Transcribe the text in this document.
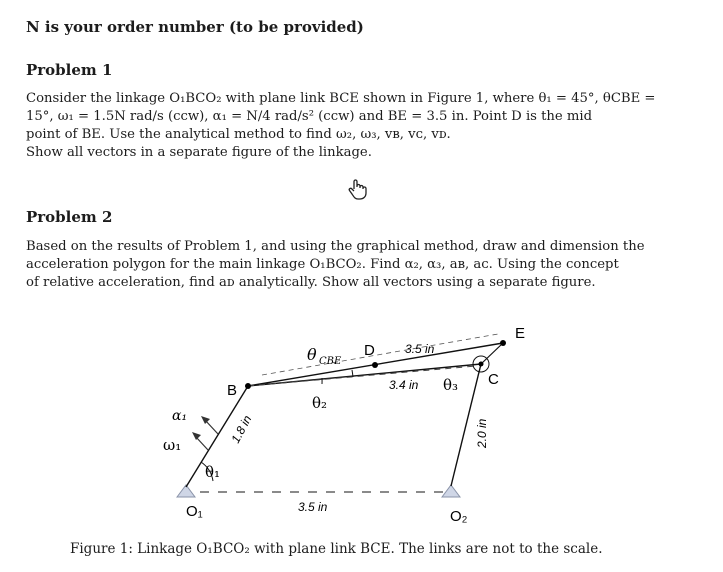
N is your order number (to be provided)
Problem 1
Consider the linkage O₁BCO₂ with plane link BCE shown in Figure 1, where θ₁ = 45°, θCBE =
15°, ω₁ = 1.5N rad/s (ccw), α₁ = N/4 rad/s² (ccw) and BE = 3.5 in. Point D is the mid
point of BE. Use the analytical method to find ω₂, ω₃, vʙ, vᴄ, vᴅ.
Show all vectors in a separate figure of the linkage.
Problem 2
Based on the results of Problem 1, and using the graphical method, draw and dimension the
acceleration polygon for the main linkage O₁BCO₂. Find α₂, α₃, aʙ, aᴄ. Using the concept
of relative acceleration, find aᴅ analytically. Show all vectors using a separate figure.
E
D
C
B
O₁	O₂
θ CBE
θ₂
θ₃
θ₁
α₁
ω₁
3.5 in
3.4 in
3.5 in
1.8 in	2.0 in
Figure 1: Linkage O₁BCO₂ with plane link BCE. The links are not to the scale.
